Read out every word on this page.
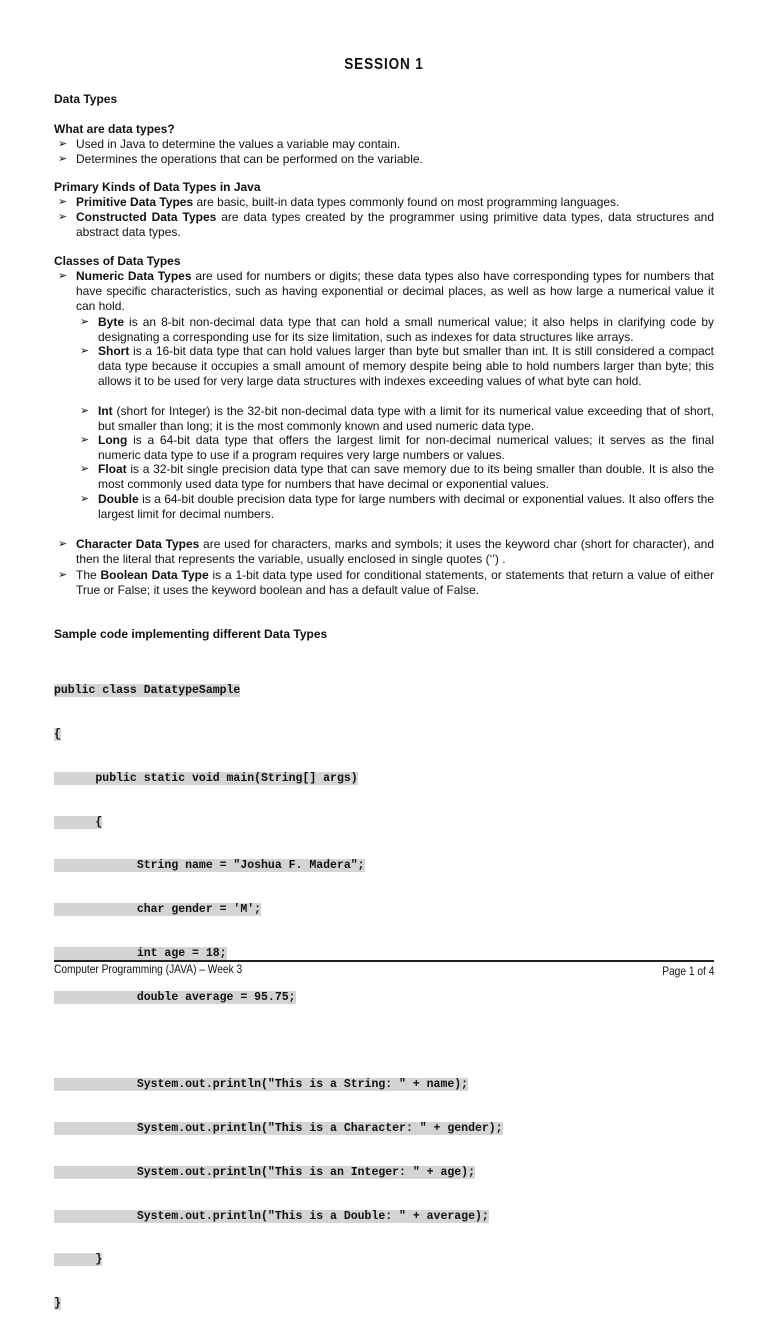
SESSION 1
Data Types
What are data types?
➢ Used in Java to determine the values a variable may contain.
➢ Determines the operations that can be performed on the variable.
Primary Kinds of Data Types in Java
➢ Primitive Data Types are basic, built-in data types commonly found on most programming languages.
➢ Constructed Data Types are data types created by the programmer using primitive data types, data structures and abstract data types.
Classes of Data Types
➢ Numeric Data Types are used for numbers or digits; these data types also have corresponding types for numbers that have specific characteristics, such as having exponential or decimal places, as well as how large a numerical value it can hold.
➢ Byte is an 8-bit non-decimal data type that can hold a small numerical value; it also helps in clarifying code by designating a corresponding use for its size limitation, such as indexes for data structures like arrays.
➢ Short is a 16-bit data type that can hold values larger than byte but smaller than int. It is still considered a compact data type because it occupies a small amount of memory despite being able to hold numbers larger than byte; this allows it to be used for very large data structures with indexes exceeding values of what byte can hold.
➢ Int (short for Integer) is the 32-bit non-decimal data type with a limit for its numerical value exceeding that of short, but smaller than long; it is the most commonly known and used numeric data type.
➢ Long is a 64-bit data type that offers the largest limit for non-decimal numerical values; it serves as the final numeric data type to use if a program requires very large numbers or values.
➢ Float is a 32-bit single precision data type that can save memory due to its being smaller than double. It is also the most commonly used data type for numbers that have decimal or exponential values.
➢ Double is a 64-bit double precision data type for large numbers with decimal or exponential values. It also offers the largest limit for decimal numbers.
➢ Character Data Types are used for characters, marks and symbols; it uses the keyword char (short for character), and then the literal that represents the variable, usually enclosed in single quotes (‘’) .
➢ The Boolean Data Type is a 1-bit data type used for conditional statements, or statements that return a value of either True or False; it uses the keyword boolean and has a default value of False.
Sample code implementing different Data Types

public class DatatypeSample

{

public static void main(String[] args)

{

String name = "Joshua F. Madera";

char gender = 'M';

int age = 18;

double average = 95.75;

System.out.println("This is a String: " + name);

System.out.println("This is a Character: " + gender);

System.out.println("This is an Integer: " + age);

System.out.println("This is a Double: " + average);

}

}

Computer Programming (JAVA) – Week 3	Page 1 of 4
